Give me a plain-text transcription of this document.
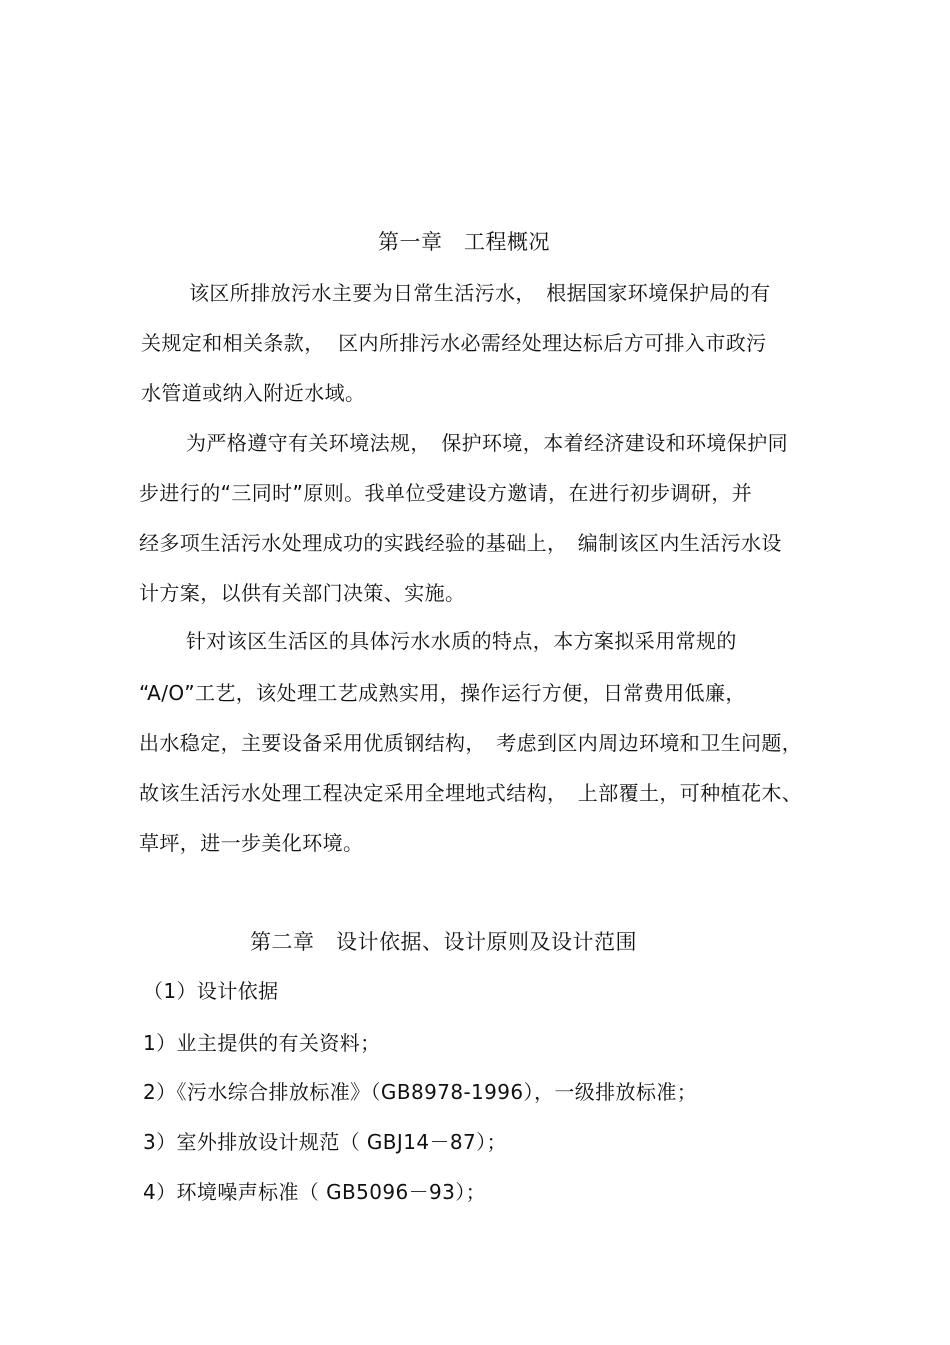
第一章　工程概况
该区所排放污水主要为日常生活污水，　根据国家环境保护局的有
关规定和相关条款，  区内所排污水必需经处理达标后方可排入市政污
水管道或纳入附近水域。
为严格遵守有关环境法规，　保护环境，本着经济建设和环境保护同
步进行的“三同时”原则。我单位受建设方邀请，在进行初步调研，并
经多项生活污水处理成功的实践经验的基础上，　编制该区内生活污水设
计方案，以供有关部门决策、实施。
针对该区生活区的具体污水水质的特点，本方案拟采用常规的
“A/O”工艺，该处理工艺成熟实用，操作运行方便，日常费用低廉，
出水稳定，主要设备采用优质钢结构，　考虑到区内周边环境和卫生问题，
故该生活污水处理工程决定采用全埋地式结构，　上部覆土，可种植花木、
草坪，进一步美化环境。
第二章　设计依据、设计原则及设计范围
（1）设计依据
1）业主提供的有关资料；
2）《污水综合排放标准》（GB8978-1996），一级排放标准；
3）室外排放设计规范（ GBJ14－87）；
4）环境噪声标准（ GB5096－93）；
